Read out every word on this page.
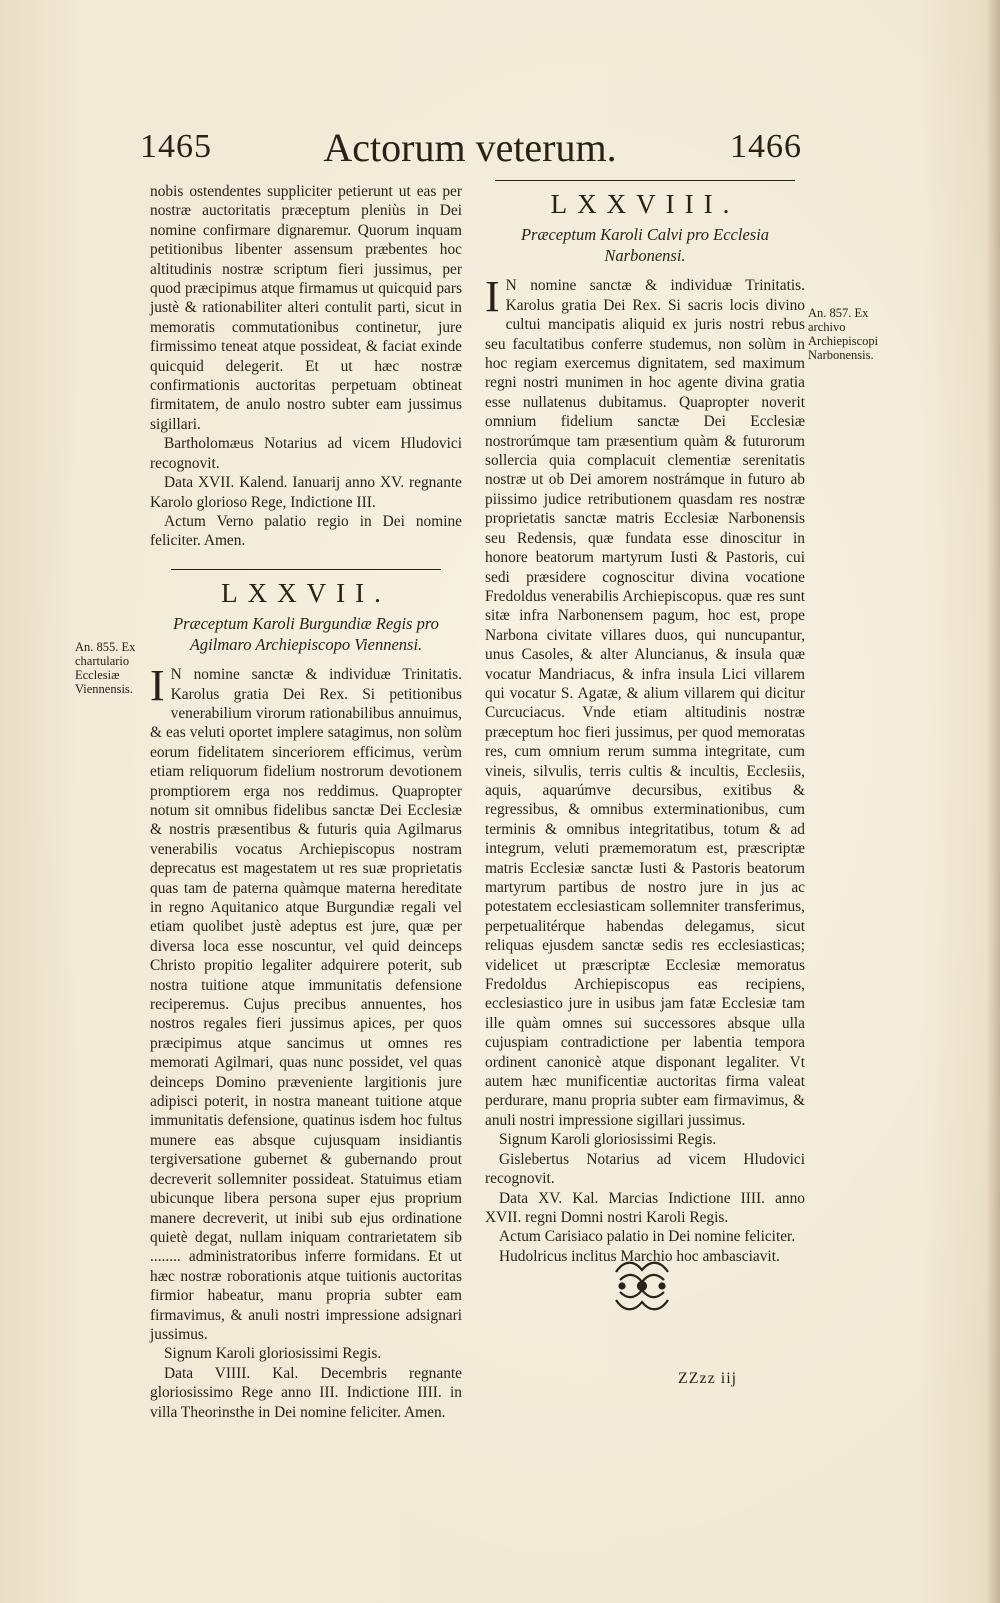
1465	Actorum veterum.	1466

nobis ostendentes suppliciter petierunt ut eas per nostræ auctoritatis præceptum pleniùs in Dei nomine confirmare dignaremur. Quorum inquam petitionibus libenter assensum præbentes hoc altitudinis nostræ scriptum fieri jussimus, per quod præcipimus atque firmamus ut quicquid pars justè & rationabiliter alteri contulit parti, sicut in memoratis commutationibus continetur, jure firmissimo teneat atque possideat, & faciat exinde quicquid delegerit. Et ut hæc nostræ confirmationis auctoritas perpetuam obtineat firmitatem, de anulo nostro subter eam jussimus sigillari.

Bartholomæus Notarius ad vicem Hludovici recognovit.

Data XVII. Kalend. Ianuarij anno XV. regnante Karolo glorioso Rege, Indictione III.

Actum Verno palatio regio in Dei nomine feliciter. Amen.

LXXVII.
Præceptum Karoli Burgundiæ Regis pro Agilmaro Archiepiscopo Viennensi.

I N nomine sanctæ & individuæ Trinitatis. Karolus gratia Dei Rex. Si petitionibus venerabilium virorum rationabilibus annuimus, & eas veluti oportet implere satagimus, non solùm eorum fidelitatem sinceriorem efficimus, verùm etiam reliquorum fidelium nostrorum devotionem promptiorem erga nos reddimus. Quapropter notum sit omnibus fidelibus sanctæ Dei Ecclesiæ & nostris præsentibus & futuris quia Agilmarus venerabilis vocatus Archiepiscopus nostram deprecatus est magestatem ut res suæ proprietatis quas tam de paterna quàmque materna hereditate in regno Aquitanico atque Burgundiæ regali vel etiam quolibet justè adeptus est jure, quæ per diversa loca esse noscuntur, vel quid deinceps Christo propitio legaliter adquirere poterit, sub nostra tuitione atque immunitatis defensione reciperemus. Cujus precibus annuentes, hos nostros regales fieri jussimus apices, per quos præcipimus atque sancimus ut omnes res memorati Agilmari, quas nunc possidet, vel quas deinceps Domino præveniente largitionis jure adipisci poterit, in nostra maneant tuitione atque immunitatis defensione, quatinus isdem hoc fultus munere eas absque cujusquam insidiantis tergiversatione gubernet & gubernando prout decreverit sollemniter possideat. Statuimus etiam ubicunque libera persona super ejus proprium manere decreverit, ut inibi sub ejus ordinatione quietè degat, nullam iniquam contrarietatem sib ........ administratoribus inferre formidans. Et ut hæc nostræ roborationis atque tuitionis auctoritas firmior habeatur, manu propria subter eam firmavimus, & anuli nostri impressione adsignari jussimus.

Signum Karoli gloriosissimi Regis.

Data VIIII. Kal. Decembris regnante gloriosissimo Rege anno III. Indictione IIII. in villa Theorinsthe in Dei nomine feliciter. Amen.

An. 855. Ex chartulario Ecclesiæ Viennensis.
LXXVIII.
Præceptum Karoli Calvi pro Ecclesia Narbonensi.

I N nomine sanctæ & individuæ Trinitatis. Karolus gratia Dei Rex. Si sacris locis divino cultui mancipatis aliquid ex juris nostri rebus seu facultatibus conferre studemus, non solùm in hoc regiam exercemus dignitatem, sed maximum regni nostri munimen in hoc agente divina gratia esse nullatenus dubitamus. Quapropter noverit omnium fidelium sanctæ Dei Ecclesiæ nostrorúmque tam præsentium quàm & futurorum sollercia quia complacuit clementiæ serenitatis nostræ ut ob Dei amorem nostrámque in futuro ab piissimo judice retributionem quasdam res nostræ proprietatis sanctæ matris Ecclesiæ Narbonensis seu Redensis, quæ fundata esse dinoscitur in honore beatorum martyrum Iusti & Pastoris, cui sedi præsidere cognoscitur divina vocatione Fredoldus venerabilis Archiepiscopus. quæ res sunt sitæ infra Narbonensem pagum, hoc est, prope Narbona civitate villares duos, qui nuncupantur, unus Casoles, & alter Aluncianus, & insula quæ vocatur Mandriacus, & infra insula Lici villarem qui vocatur S. Agatæ, & alium villarem qui dicitur Curcuciacus. Vnde etiam altitudinis nostræ præceptum hoc fieri jussimus, per quod memoratas res, cum omnium rerum summa integritate, cum vineis, silvulis, terris cultis & incultis, Ecclesiis, aquis, aquarúmve decursibus, exitibus & regressibus, & omnibus exterminationibus, cum terminis & omnibus integritatibus, totum & ad integrum, veluti præmemoratum est, præscriptæ matris Ecclesiæ sanctæ Iusti & Pastoris beatorum martyrum partibus de nostro jure in jus ac potestatem ecclesiasticam sollemniter transferimus, perpetualitérque habendas delegamus, sicut reliquas ejusdem sanctæ sedis res ecclesiasticas; videlicet ut præscriptæ Ecclesiæ memoratus Fredoldus Archiepiscopus eas recipiens, ecclesiastico jure in usibus jam fatæ Ecclesiæ tam ille quàm omnes sui successores absque ulla cujuspiam contradictione per labentia tempora ordinent canonicè atque disponant legaliter. Vt autem hæc munificentiæ auctoritas firma valeat perdurare, manu propria subter eam firmavimus, & anuli nostri impressione sigillari jussimus.

Signum Karoli gloriosissimi Regis.

Gislebertus Notarius ad vicem Hludovici recognovit.

Data XV. Kal. Marcias Indictione IIII. anno XVII. regni Domni nostri Karoli Regis.

Actum Carisiaco palatio in Dei nomine feliciter.

Hudolricus inclitus Marchio hoc ambasciavit.

An. 857. Ex archivo Archiepiscopi Narbonensis.
ZZzz iij
